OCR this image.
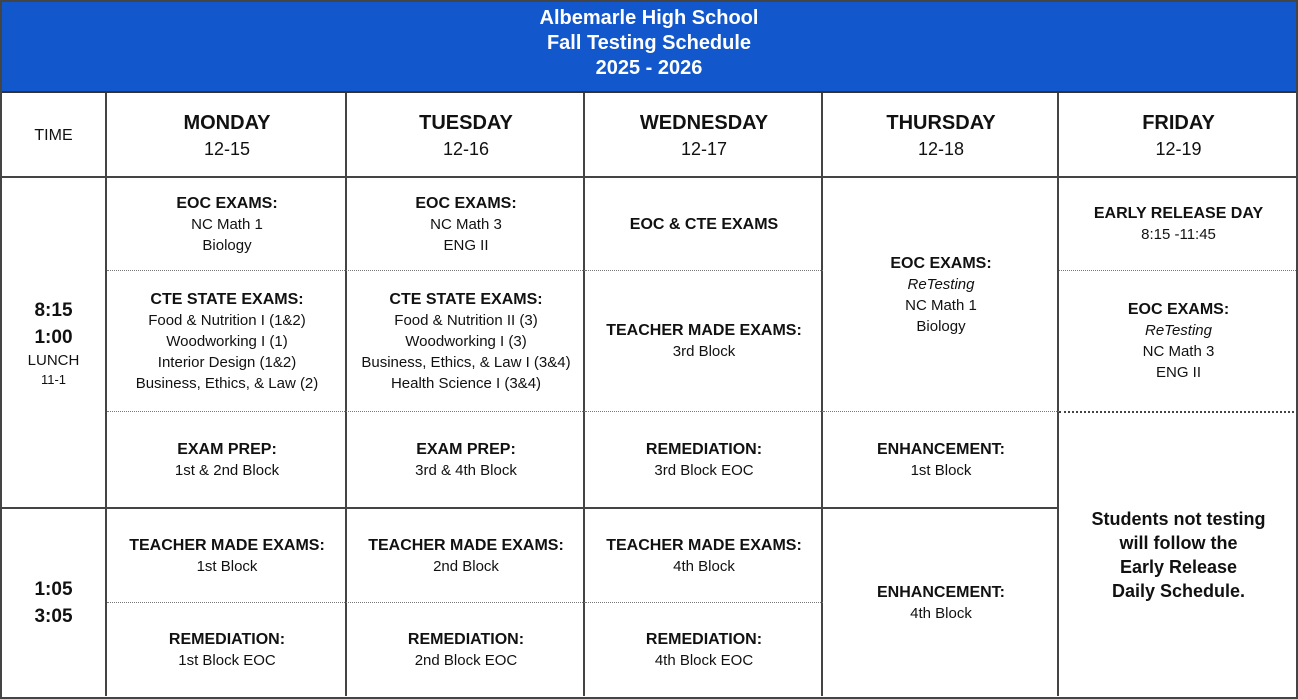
Albemarle High School
Fall Testing Schedule
2025 - 2026
TIME
MONDAY
12-15
TUESDAY
12-16
WEDNESDAY
12-17
THURSDAY
12-18
FRIDAY
12-19
8:15
1:00
LUNCH
11-1
1:05
3:05
EOC EXAMS:
NC Math 1
Biology
CTE STATE EXAMS:
Food & Nutrition I (1&2)
Woodworking I (1)
Interior Design (1&2)
Business, Ethics, & Law (2)
EXAM PREP:
1st & 2nd Block
TEACHER MADE EXAMS:
1st Block
REMEDIATION:
1st Block EOC
EOC EXAMS:
NC Math 3
ENG II
CTE STATE EXAMS:
Food & Nutrition II (3)
Woodworking I (3)
Business, Ethics, & Law I (3&4)
Health Science I (3&4)
EXAM PREP:
3rd & 4th Block
TEACHER MADE EXAMS:
2nd Block
REMEDIATION:
2nd Block EOC
EOC & CTE EXAMS
TEACHER MADE EXAMS:
3rd Block
REMEDIATION:
3rd Block EOC
TEACHER MADE EXAMS:
4th Block
REMEDIATION:
4th Block EOC
EOC EXAMS:
ReTesting
NC Math 1
Biology
ENHANCEMENT:
1st Block
ENHANCEMENT:
4th Block
EARLY RELEASE DAY
8:15 -11:45
EOC EXAMS:
ReTesting
NC Math 3
ENG II
Students not testing
will follow the
Early Release
Daily Schedule.
